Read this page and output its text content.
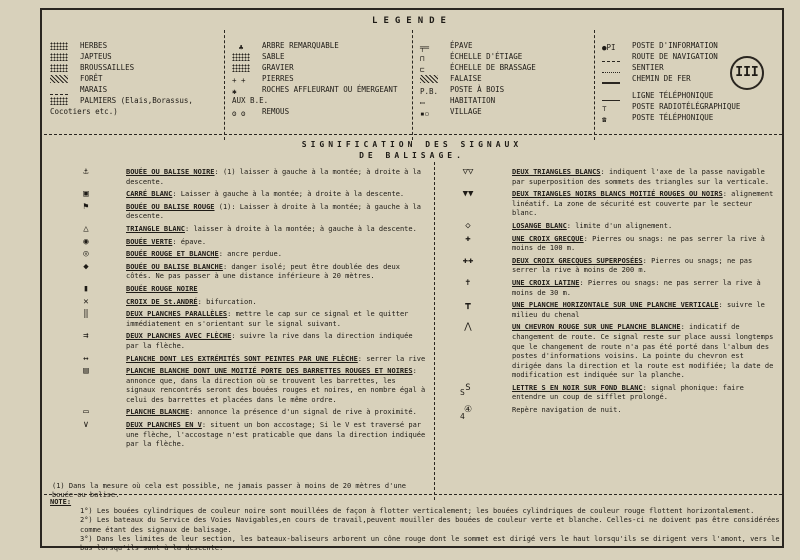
LEGENDE
HERBES
JAPTEUS
BROUSSAILLES
FORÊT
MARAIS
PALMIERS (Elais,Borassus, Cocotiers etc.)
♣	ARBRE REMARQUABLE
SABLE
GRAVIER
+ + PIERRES
✱	ROCHES AFFLEURANT OU ÉMERGEANT AUX B.E.
ʘ ʘ REMOUS
╤═	ÉPAVE
⊓	ÉCHELLE D'ÉTIAGE
⊏	ÉCHELLE DE BRASSAGE
FALAISE
P.B. POSTE À BOIS
▭	HABITATION
▪▫	VILLAGE
●PI POSTE D'INFORMATION
ROUTE DE NAVIGATION
SENTIER
CHEMIN DE FER
LIGNE TÉLÉPHONIQUE
⊤	POSTE RADIOTÉLÉGRAPHIQUE
☎	POSTE TÉLÉPHONIQUE
III
SIGNIFICATION DES SIGNAUX
DE BALISAGE.
⚓	BOUÉE OU BALISE NOIRE: (1) laisser à gauche à la montée; à droite à la descente.
▣	CARRÉ BLANC: Laisser à gauche à la montée; à droite à la descente.
⚑	BOUÉE OU BALISE ROUGE (1): Laisser à droite à la montée; à gauche à la descente.
△	TRIANGLE BLANC: laisser à droite à la montée; à gauche à la descente.
◉	BOUÉE VERTE: épave.
◎	BOUÉE ROUGE ET BLANCHE: ancre perdue.
◆	BOUÉE OU BALISE BLANCHE: danger isolé; peut être doublée des deux côtés. Ne pas passer à une distance inférieure à 20 mètres.
▮	BOUÉE ROUGE NOIRE
✕	CROIX DE St.ANDRÉ: bifurcation.
‖	DEUX PLANCHES PARALLÈLES: mettre le cap sur ce signal et le quitter immédiatement en s'orientant sur le signal suivant.
⇉	DEUX PLANCHES AVEC FLÈCHE: suivre la rive dans la direction indiquée par la flèche.
↔	PLANCHE DONT LES EXTRÉMITÉS SONT PEINTES PAR UNE FLÈCHE: serrer la rive
▤	PLANCHE BLANCHE DONT UNE MOITIÉ PORTE DES BARRETTES ROUGES ET NOIRES: annonce que, dans la direction où se trouvent les barrettes, les signaux rencontrés seront des bouées rouges et noires, en nombre égal à celui des barrettes et placées dans le même ordre.
▭	PLANCHE BLANCHE: annonce la présence d'un signal de rive à proximité.
∨	DEUX PLANCHES EN V: situent un bon accostage; Si le V est traversé par une flèche, l'accostage n'est praticable que dans la direction indiquée par la flèche.
▽▽	DEUX TRIANGLES BLANCS: indiquent l'axe de la passe navigable par superposition des sommets des triangles sur la verticale.
▼▼	DEUX TRIANGLES NOIRS BLANCS MOITIÉ ROUGES OU NOIRS: alignement linéatif. La zone de sécurité est couverte par le secteur blanc.
◇	LOSANGE BLANC: limite d'un alignement.
✚	UNE CROIX GRECQUE: Pierres ou snags: ne pas serrer la rive à moins de 100 m.
✚✚	DEUX CROIX GRECQUES SUPERPOSÉES: Pierres ou snags; ne pas serrer la rive à moins de 200 m.
✝	UNE CROIX LATINE: Pierres ou snags: ne pas serrer la rive à moins de 30 m.
┳	UNE PLANCHE HORIZONTALE SUR UNE PLANCHE VERTICALE: suivre le milieu du chenal
⋀	UN CHEVRON ROUGE SUR UNE PLANCHE BLANCHE: indicatif de changement de route. Ce signal reste sur place aussi longtemps que le changement de route n'a pas été porté dans l'album des postes d'informations voisins. La pointe du chevron est dirigée dans la direction et la route est modifiée; la date de modification est indiquée sur la planche.
S	LETTRE S EN NOIR SUR FOND BLANC: signal phonique: faire entendre un coup de sifflet prolongé.
④	Repère navigation de nuit.
S
4
(1) Dans la mesure où cela est possible, ne jamais passer à moins de 20 mètres d'une bouée ou balise.
NOTE:
1°) Les bouées cylindriques de couleur noire sont mouillées de façon à flotter verticalement; les bouées cylindriques de couleur rouge flottent horizontalement.
2°) Les bateaux du Service des Voies Navigables,en cours de travail,peuvent mouiller des bouées de couleur verte et blanche. Celles-ci ne doivent pas être considérées comme étant des signaux de balisage.
3°) Dans les limites de leur section, les bateaux-baliseurs arborent un cône rouge dont le sommet est dirigé vers le haut lorsqu'ils se dirigent vers l'amont, vers le bas lorsqu'ils sont à la descente.
